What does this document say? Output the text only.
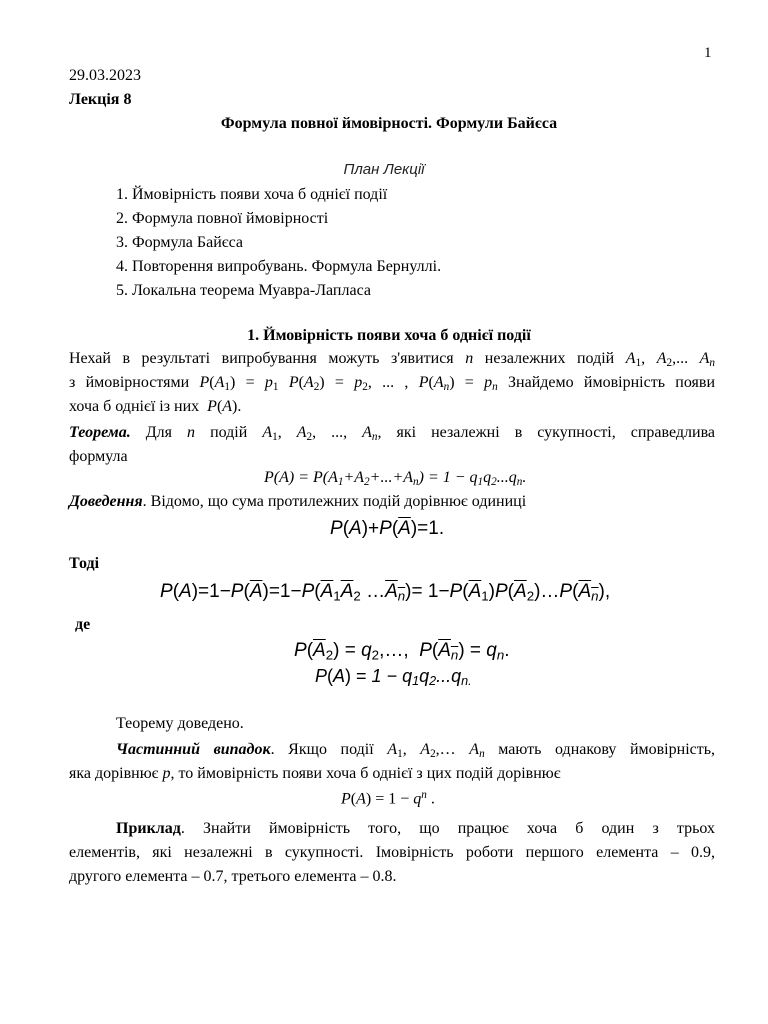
1
29.03.2023
Лекція 8
Формула повної ймовірності. Формули Байєса
План Лекції
1. Ймовірність появи хоча б однієї події
2. Формула повної ймовірності
3. Формула Байєса
4. Повторення випробувань. Формула Бернуллі.
5. Локальна теорема Муавра-Лапласа
1. Ймовірність появи хоча б однієї події
Нехай в результаті випробування можуть з'явитися n незалежних подій $A_1$, $A_2$,... $A_n$
з ймовірностями $P(A_1) = p_1$ $P(A_2) = p_2$, ... , $P(A_n) = p_n$ Знайдемо ймовірність появи
хоча б однієї із них P(A).
Теорема. Для n подій $A_1$, $A_2$, ..., $A_n$, які незалежні в сукупності, справедлива
формула
$P(A) = P(A_1+A_2+...+A_n) = 1 - q_1q_2...q_n$.
Доведення. Відомо, що сума протилежних подій дорівнює одиниці
$P(A)+P(\overline{A})=1$.
Тоді
$P(A)=1-P(\overline{A})=1-P(\overline{A}_1\overline{A}_2$ $\dots A_n)=$ $1-P(\overline{A}_1)P(\overline{A}_2)\dots P(A_n)$,
де
$P(\overline{A}_2)$ = $q_2,\dots$,  $P(A_n) = q_n$.
$P(A) = 1 - q_1q_2...q_{n.}$
Теорему доведено.
Частинний випадок. Якщо події $A_1$, $A_2,\dots$ $A_n$ мають однакову ймовірність,
яка дорівнює p, то ймовірність появи хоча б однієї з цих подій дорівнює
$P(A) = 1 - q^n$ .
Приклад. Знайти ймовірність того, що працює хоча б один з трьох
елементів, які незалежні в сукупності. Імовірність роботи першого елемента – 0.9,
другого елемента – 0.7, третього елемента – 0.8.
